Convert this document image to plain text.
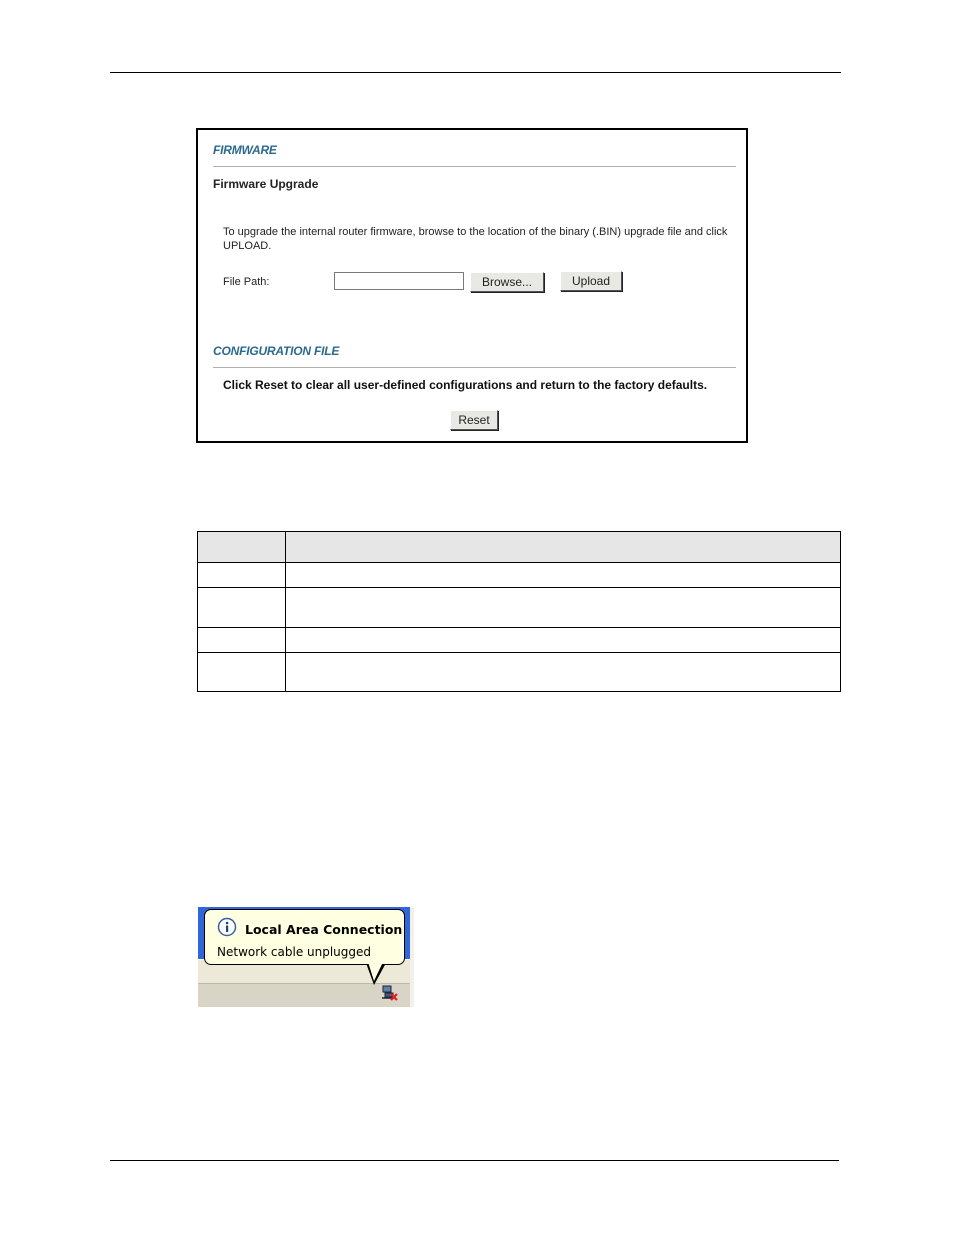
FIRMWARE
Firmware Upgrade
To upgrade the internal router firmware, browse to the location of the binary (.BIN) upgrade file and click UPLOAD.
File Path:	Browse...	Upload
CONFIGURATION FILE
Click Reset to clear all user-defined configurations and return to the factory defaults.
Reset

Local Area Connection
Network cable unplugged
